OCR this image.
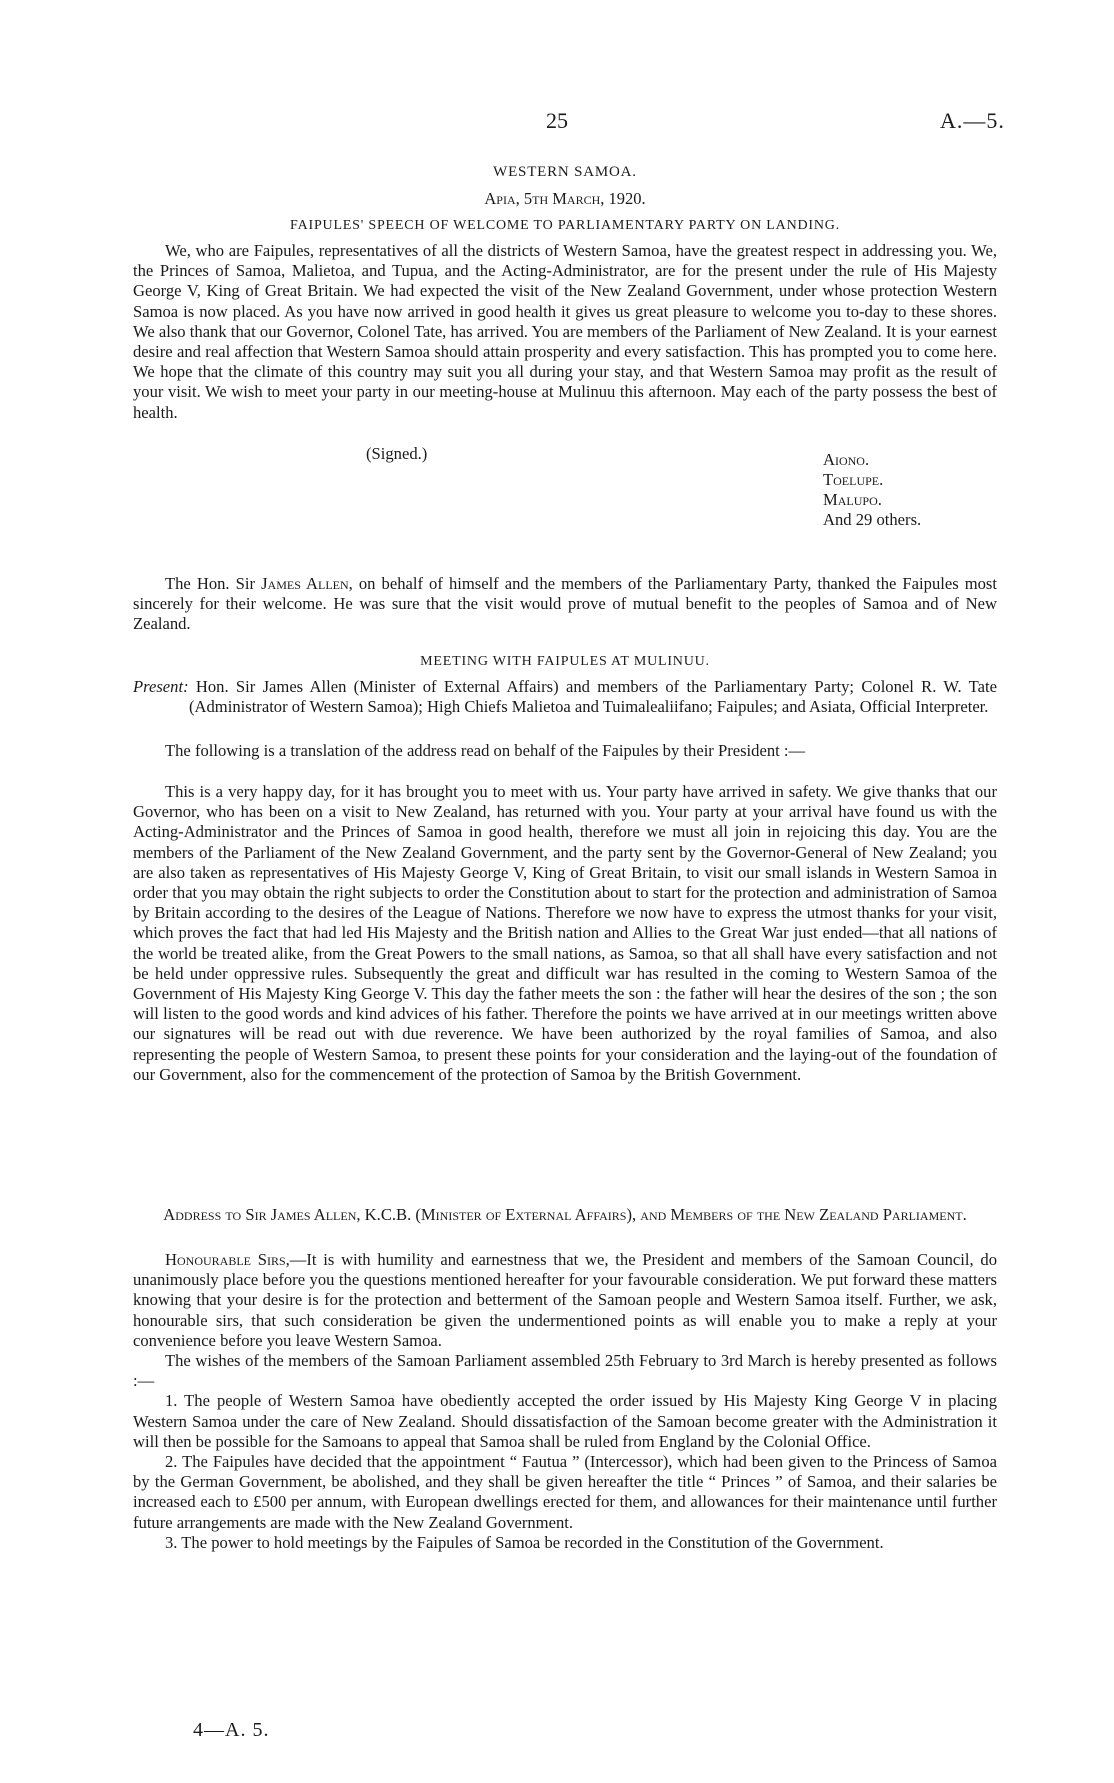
25	A.—5.
WESTERN SAMOA.
Apia, 5th March, 1920.
FAIPULES' SPEECH OF WELCOME TO PARLIAMENTARY PARTY ON LANDING.

We, who are Faipules, representatives of all the districts of Western Samoa, have the greatest respect in addressing you. We, the Princes of Samoa, Malietoa, and Tupua, and the Acting-Administrator, are for the present under the rule of His Majesty George V, King of Great Britain. We had expected the visit of the New Zealand Government, under whose protection Western Samoa is now placed. As you have now arrived in good health it gives us great pleasure to welcome you to-day to these shores. We also thank that our Governor, Colonel Tate, has arrived. You are members of the Parliament of New Zealand. It is your earnest desire and real affection that Western Samoa should attain prosperity and every satisfaction. This has prompted you to come here. We hope that the climate of this country may suit you all during your stay, and that Western Samoa may profit as the result of your visit. We wish to meet your party in our meeting-house at Mulinuu this afternoon. May each of the party possess the best of health.

(Signed.)	Aiono.
Toelupe.
Malupo.
And 29 others.

The Hon. Sir James Allen, on behalf of himself and the members of the Parliamentary Party, thanked the Faipules most sincerely for their welcome. He was sure that the visit would prove of mutual benefit to the peoples of Samoa and of New Zealand.

MEETING WITH FAIPULES AT MULINUU.

Present: Hon. Sir James Allen (Minister of External Affairs) and members of the Parliamentary Party; Colonel R. W. Tate (Administrator of Western Samoa); High Chiefs Malietoa and Tuimalealiifano; Faipules; and Asiata, Official Interpreter.

The following is a translation of the address read on behalf of the Faipules by their President :—

This is a very happy day, for it has brought you to meet with us. Your party have arrived in safety. We give thanks that our Governor, who has been on a visit to New Zealand, has returned with you. Your party at your arrival have found us with the Acting-Administrator and the Princes of Samoa in good health, therefore we must all join in rejoicing this day. You are the members of the Parliament of the New Zealand Government, and the party sent by the Governor-General of New Zealand; you are also taken as representatives of His Majesty George V, King of Great Britain, to visit our small islands in Western Samoa in order that you may obtain the right subjects to order the Constitution about to start for the protection and administration of Samoa by Britain according to the desires of the League of Nations. Therefore we now have to express the utmost thanks for your visit, which proves the fact that had led His Majesty and the British nation and Allies to the Great War just ended—that all nations of the world be treated alike, from the Great Powers to the small nations, as Samoa, so that all shall have every satisfaction and not be held under oppressive rules. Subsequently the great and difficult war has resulted in the coming to Western Samoa of the Government of His Majesty King George V. This day the father meets the son : the father will hear the desires of the son ; the son will listen to the good words and kind advices of his father. Therefore the points we have arrived at in our meetings written above our signatures will be read out with due reverence. We have been authorized by the royal families of Samoa, and also representing the people of Western Samoa, to present these points for your consideration and the laying-out of the foundation of our Government, also for the commencement of the protection of Samoa by the British Government.

Address to Sir James Allen, K.C.B. (Minister of External Affairs), and Members of the New Zealand Parliament.

Honourable Sirs,—It is with humility and earnestness that we, the President and members of the Samoan Council, do unanimously place before you the questions mentioned hereafter for your favourable consideration. We put forward these matters knowing that your desire is for the protection and betterment of the Samoan people and Western Samoa itself. Further, we ask, honourable sirs, that such consideration be given the undermentioned points as will enable you to make a reply at your convenience before you leave Western Samoa.

The wishes of the members of the Samoan Parliament assembled 25th February to 3rd March is hereby presented as follows :—

1. The people of Western Samoa have obediently accepted the order issued by His Majesty King George V in placing Western Samoa under the care of New Zealand. Should dissatisfaction of the Samoan become greater with the Administration it will then be possible for the Samoans to appeal that Samoa shall be ruled from England by the Colonial Office.

2. The Faipules have decided that the appointment “ Fautua ” (Intercessor), which had been given to the Princess of Samoa by the German Government, be abolished, and they shall be given hereafter the title “ Princes ” of Samoa, and their salaries be increased each to £500 per annum, with European dwellings erected for them, and allowances for their maintenance until further future arrangements are made with the New Zealand Government.

3. The power to hold meetings by the Faipules of Samoa be recorded in the Constitution of the Government.

4—A. 5.
